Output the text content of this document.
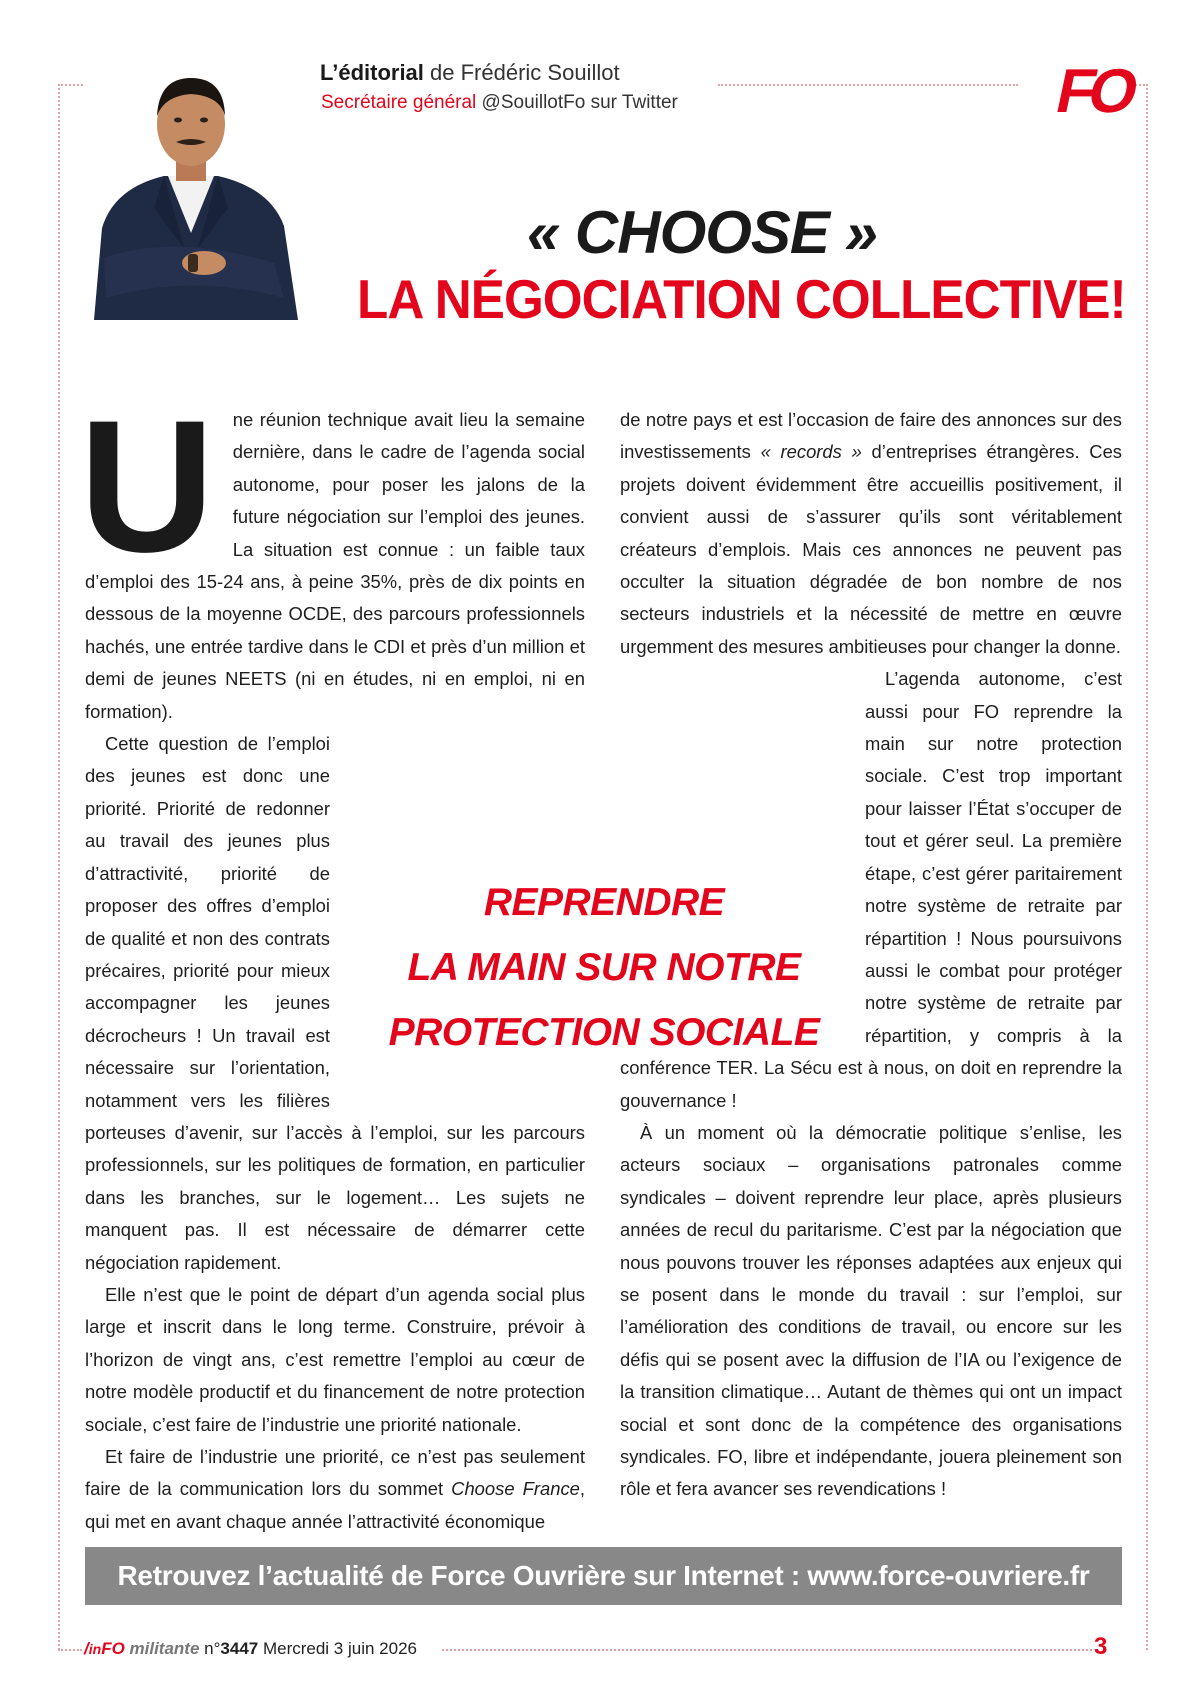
L’éditorial de Frédéric Souillot
Secrétaire général @SouillotFo sur Twitter	FO
« CHOOSE »
LA NÉGOCIATION COLLECTIVE!
U ne réunion technique avait lieu la semaine dernière, dans le cadre de l’agenda social autonome, pour poser les jalons de la future négociation sur l’emploi des jeunes. La situation est connue : un faible taux d’emploi des 15-24 ans, à peine 35%, près de dix points en dessous de la moyenne OCDE, des parcours professionnels hachés, une entrée tardive dans le CDI et près d’un million et demi de jeunes NEETS (ni en études, ni en emploi, ni en formation).

Cette question de l’emploi des jeunes est donc une priorité. Priorité de redonner au travail des jeunes plus d’attractivité, priorité de proposer des offres d’emploi de qualité et non des contrats précaires, priorité pour mieux accompagner les jeunes décrocheurs ! Un travail est nécessaire sur l’orientation, notamment vers les filières porteuses d’avenir, sur l’accès à l’emploi, sur les parcours professionnels, sur les politiques de formation, en particulier dans les branches, sur le logement… Les sujets ne manquent pas. Il est nécessaire de démarrer cette négociation rapidement.

Elle n’est que le point de départ d’un agenda social plus large et inscrit dans le long terme. Construire, prévoir à l’horizon de vingt ans, c’est remettre l’emploi au cœur de notre modèle productif et du financement de notre protection sociale, c’est faire de l’industrie une priorité nationale.

Et faire de l’industrie une priorité, ce n’est pas seulement faire de la communication lors du sommet Choose France, qui met en avant chaque année l’attractivité économique

de notre pays et est l’occasion de faire des annonces sur des investissements « records » d’entreprises étrangères. Ces projets doivent évidemment être accueillis positivement, il convient aussi de s’assurer qu’ils sont véritablement créateurs d’emplois. Mais ces annonces ne peuvent pas occulter la situation dégradée de bon nombre de nos secteurs industriels et la nécessité de mettre en œuvre urgemment des mesures ambitieuses pour changer la donne.

L’agenda autonome, c’est aussi pour FO reprendre la main sur notre protection sociale. C’est trop important pour laisser l’État s’occuper de tout et gérer seul. La première étape, c’est gérer paritairement notre système de retraite par répartition ! Nous poursuivons aussi le combat pour protéger notre système de retraite par répartition, y compris à la conférence TER. La Sécu est à nous, on doit en reprendre la gouvernance !

À un moment où la démocratie politique s’enlise, les acteurs sociaux – organisations patronales comme syndicales – doivent reprendre leur place, après plusieurs années de recul du paritarisme. C’est par la négociation que nous pouvons trouver les réponses adaptées aux enjeux qui se posent dans le monde du travail : sur l’emploi, sur l’amélioration des conditions de travail, ou encore sur les défis qui se posent avec la diffusion de l’IA ou l’exigence de la transition climatique… Autant de thèmes qui ont un impact social et sont donc de la compétence des organisations syndicales. FO, libre et indépendante, jouera pleinement son rôle et fera avancer ses revendications !

REPRENDRE
LA MAIN SUR NOTRE
PROTECTION SOCIALE
Retrouvez l’actualité de Force Ouvrière sur Internet : www.force-ouvriere.fr
/inFO militante n°3447 Mercredi 3 juin 2026	3
